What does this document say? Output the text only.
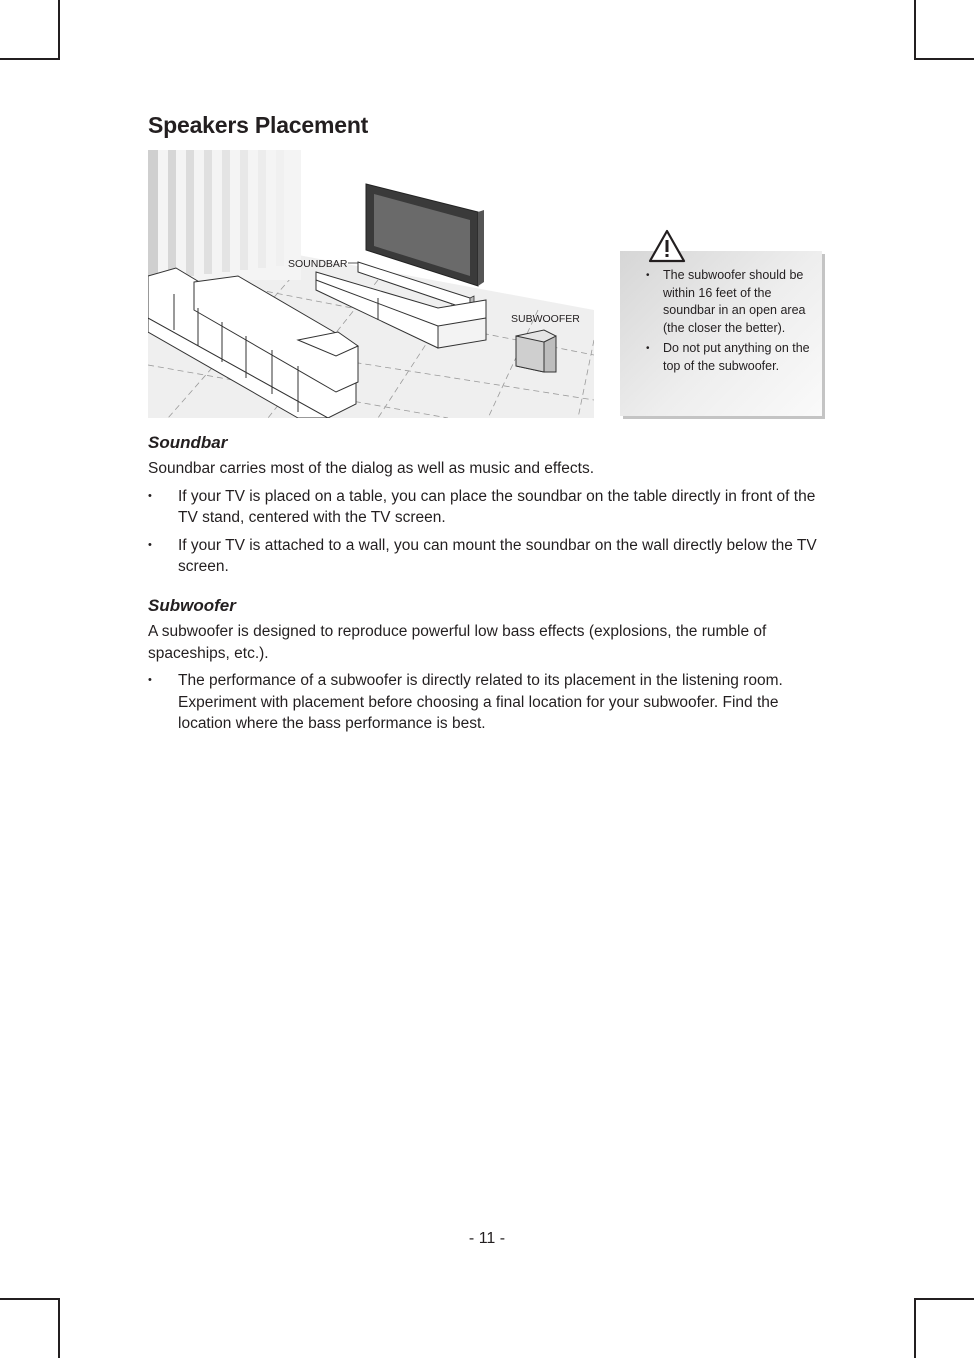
Speakers Placement
SOUNDBAR
SUBWOOFER
• The subwoofer should be within 16 feet of the soundbar in an open area (the closer the better).
• Do not put anything on the top of the subwoofer.
Soundbar

Soundbar carries most of the dialog as well as music and effects.

• If your TV is placed on a table, you can place the soundbar on the table directly in front of the TV stand, centered with the TV screen.
• If your TV is attached to a wall, you can mount the soundbar on the wall directly below the TV screen.
Subwoofer

A subwoofer is designed to reproduce powerful low bass effects (explosions, the rumble of spaceships, etc.).

• The performance of a subwoofer is directly related to its placement in the listening room. Experiment with placement before choosing a final location for your subwoofer. Find the location where the bass performance is best.
- 11 -
